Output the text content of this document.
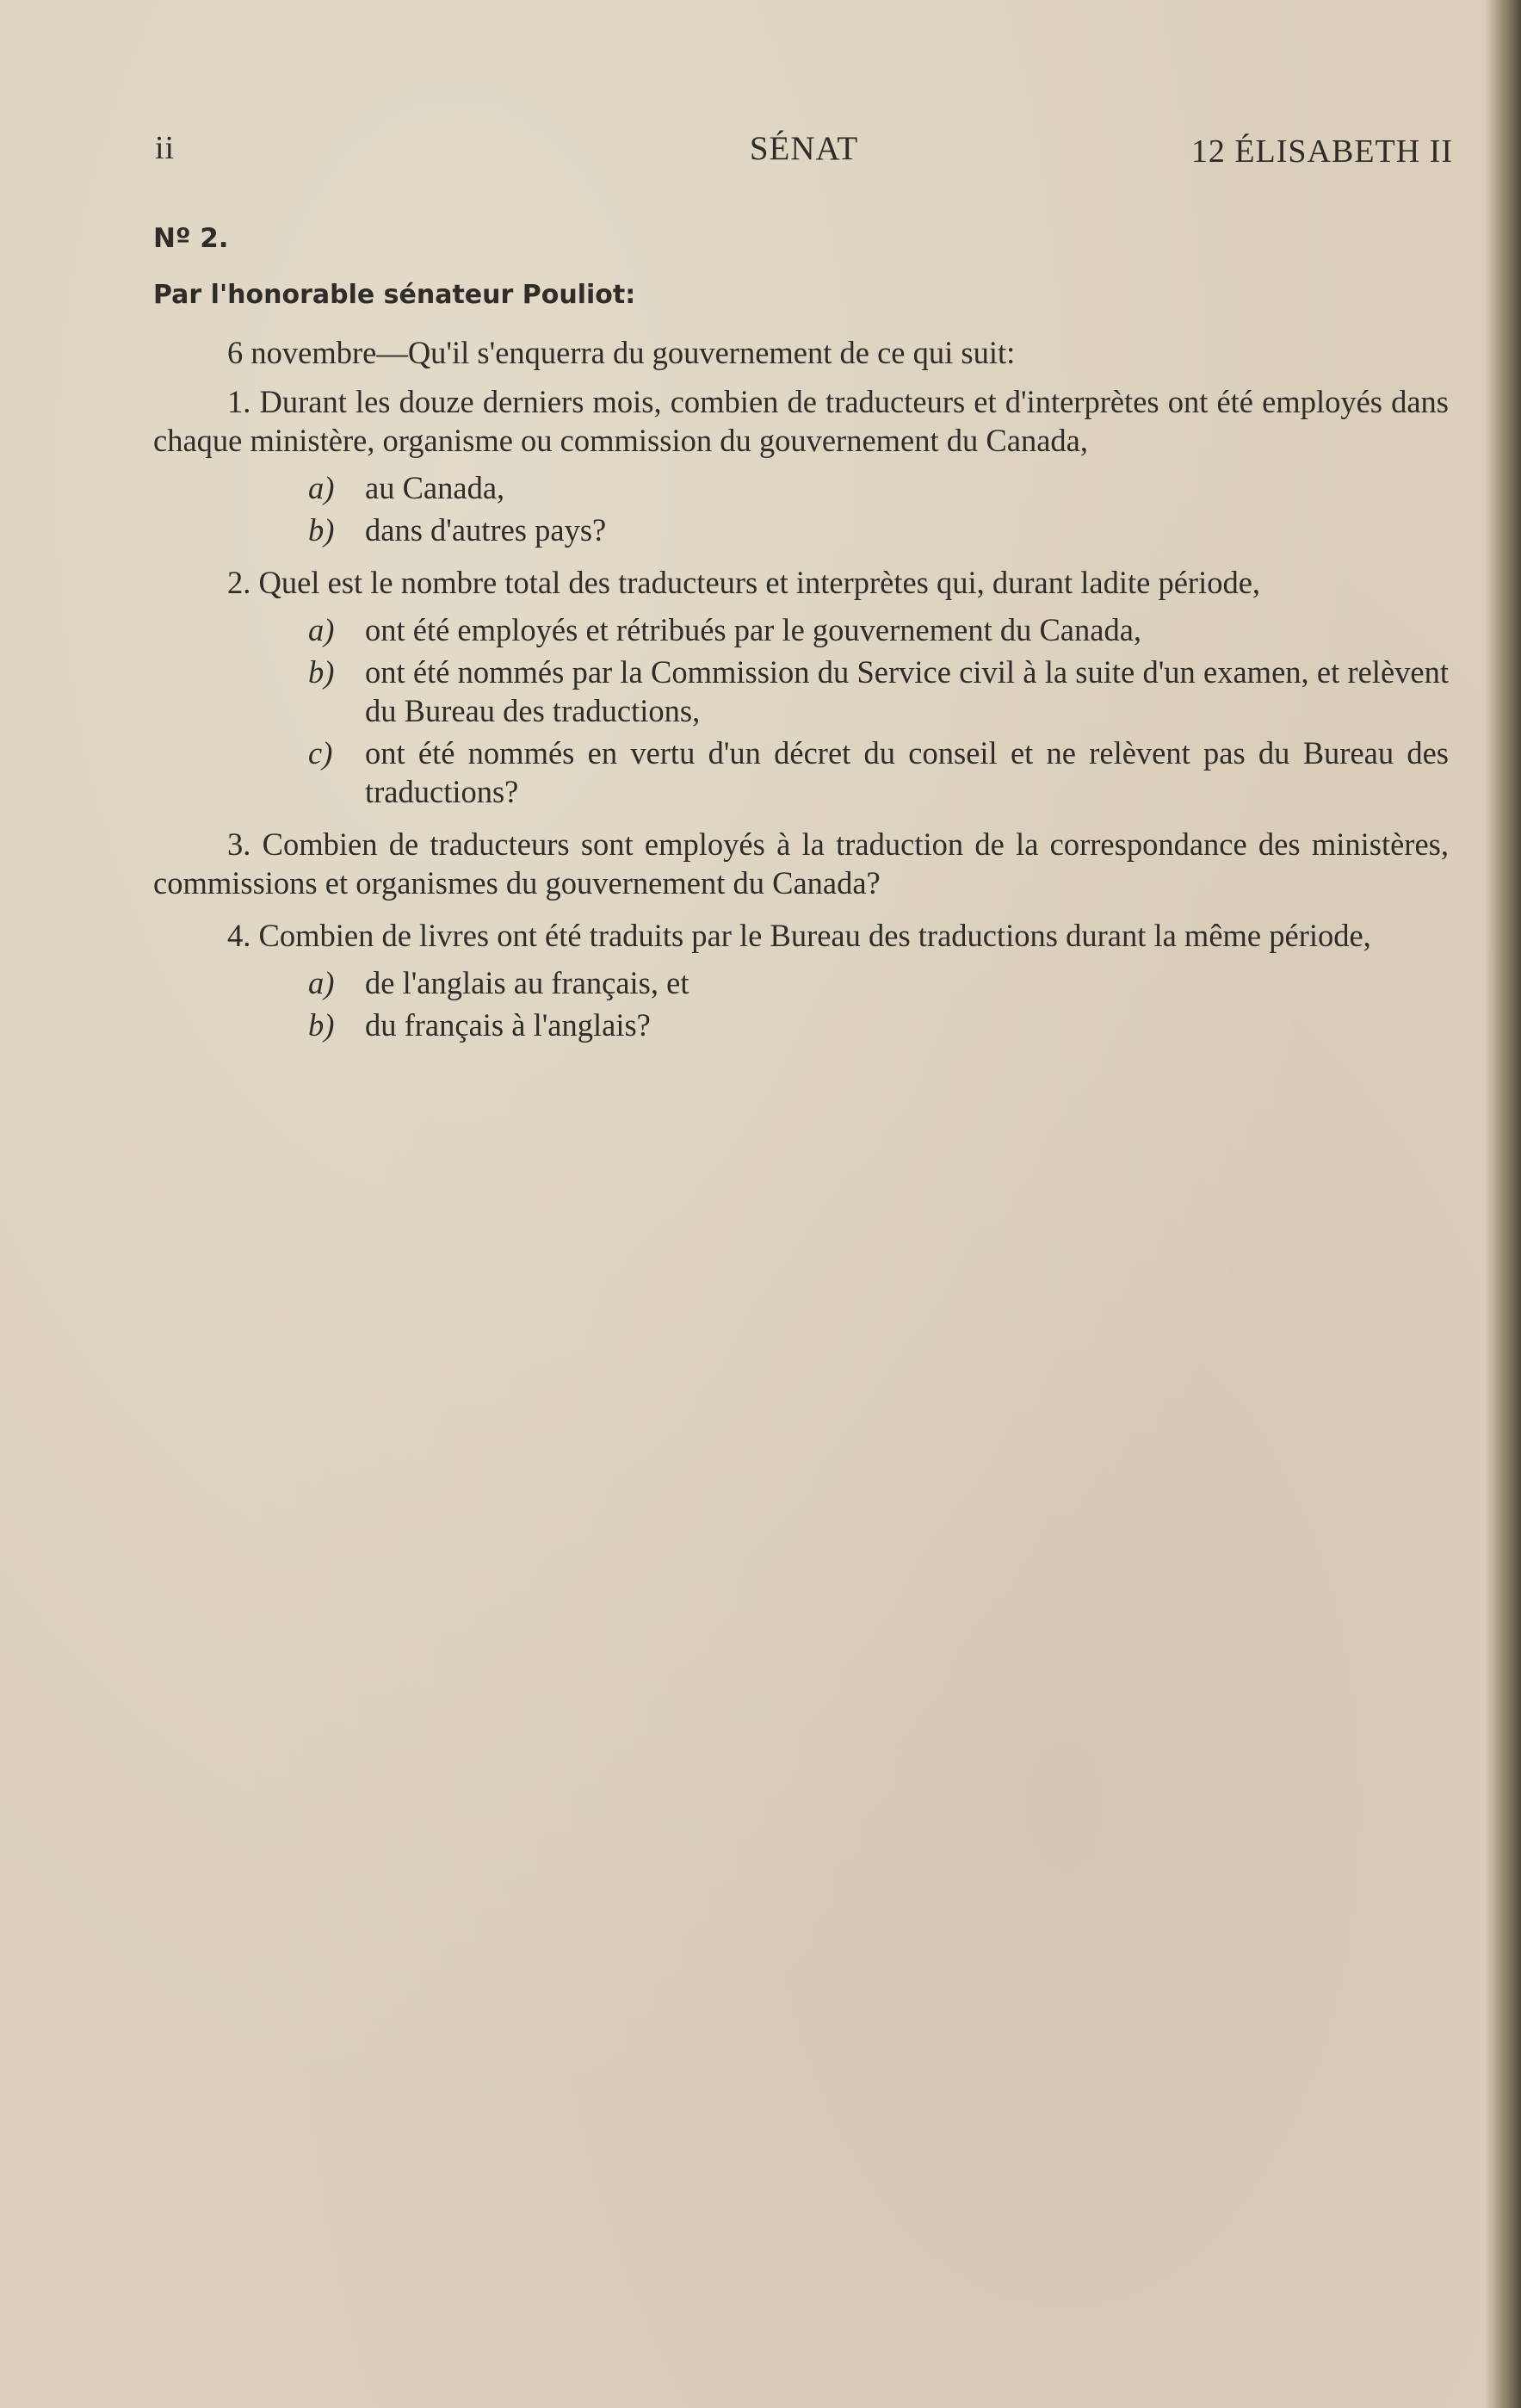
ii	SÉNAT	12 ÉLISABETH II
Nº 2.
Par l'honorable sénateur Pouliot:
6 novembre—Qu'il s'enquerra du gouvernement de ce qui suit:
1. Durant les douze derniers mois, combien de traducteurs et d'interprètes ont été employés dans chaque ministère, organisme ou commission du gouvernement du Canada,
a) au Canada,
b) dans d'autres pays?
2. Quel est le nombre total des traducteurs et interprètes qui, durant ladite période,
a) ont été employés et rétribués par le gouvernement du Canada,
b) ont été nommés par la Commission du Service civil à la suite d'un examen, et relèvent du Bureau des traductions,
c)	ont été nommés en vertu d'un décret du conseil et ne relèvent pas du Bureau des traductions?
3. Combien de traducteurs sont employés à la traduction de la correspondance des ministères, commissions et organismes du gouvernement du Canada?
4. Combien de livres ont été traduits par le Bureau des traductions durant la même période,
a) de l'anglais au français, et
b) du français à l'anglais?
